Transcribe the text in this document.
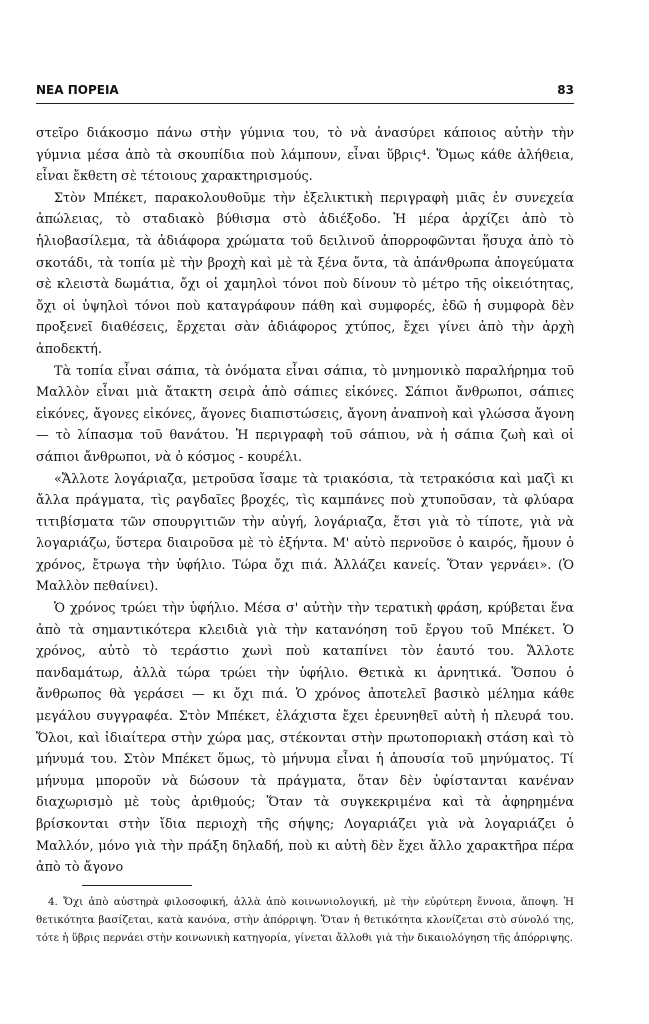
ΝΕΑ ΠΟΡΕΙΑ	83

στεῖρο διάκοσμο πάνω στὴν γύμνια του, τὸ νὰ ἀνασύρει κάποιος αὐτὴν τὴν γύμνια μέσα ἀπὸ τὰ σκουπίδια ποὺ λάμπουν, εἶναι ὕβρις⁴. Ὅμως κάθε ἀλήθεια, εἶναι ἔκθετη σὲ τέτοιους χαρακτηρισμούς.

Στὸν Μπέκετ, παρακολουθοῦμε τὴν ἐξελικτικὴ περιγραφὴ μιᾶς ἐν συνεχεία ἀπώλειας, τὸ σταδιακὸ βύθισμα στὸ ἀδιέξοδο. Ἡ μέρα ἀρχίζει ἀπὸ τὸ ἡλιοβασίλεμα, τὰ ἀδιάφορα χρώματα τοῦ δειλινοῦ ἀπορροφῶνται ἥσυχα ἀπὸ τὸ σκοτάδι, τὰ τοπία μὲ τὴν βροχὴ καὶ μὲ τὰ ξένα ὄντα, τὰ ἀπάνθρωπα ἀπογεύματα σὲ κλειστὰ δωμάτια, ὄχι οἱ χαμηλοὶ τόνοι ποὺ δίνουν τὸ μέτρο τῆς οἰκειότητας, ὄχι οἱ ὑψηλοὶ τόνοι ποὺ καταγράφουν πάθη καὶ συμφορές, ἐδῶ ἡ συμφορὰ δὲν προξενεῖ διαθέσεις, ἔρχεται σὰν ἀδιάφορος χτύπος, ἔχει γίνει ἀπὸ τὴν ἀρχὴ ἀποδεκτή.

Τὰ τοπία εἶναι σάπια, τὰ ὀνόματα εἶναι σάπια, τὸ μνημονικὸ παραλήρημα τοῦ Μαλλὸν εἶναι μιὰ ἄτακτη σειρὰ ἀπὸ σάπιες εἰκόνες. Σάπιοι ἄνθρωποι, σάπιες εἰκόνες, ἄγονες εἰκόνες, ἄγονες διαπιστώσεις, ἄγονη ἀναπνοὴ καὶ γλώσσα ἄγονη — τὸ λίπασμα τοῦ θανάτου. Ἡ περιγραφὴ τοῦ σάπιου, νὰ ἡ σάπια ζωὴ καὶ οἱ σάπιοι ἄνθρωποι, νὰ ὁ κόσμος - κουρέλι.

«Ἄλλοτε λογάριαζα, μετροῦσα ἴσαμε τὰ τριακόσια, τὰ τετρακόσια καὶ μαζὶ κι ἄλλα πράγματα, τὶς ραγδαῖες βροχές, τὶς καμπάνες ποὺ χτυποῦσαν, τὰ φλύαρα τιτιβίσματα τῶν σπουργιτιῶν τὴν αὐγή, λογάριαζα, ἔτσι γιὰ τὸ τίποτε, γιὰ νὰ λογαριάζω, ὕστερα διαιροῦσα μὲ τὸ ἑξήντα. Μ' αὐτὸ περνοῦσε ὁ καιρός, ἤμουν ὁ χρόνος, ἔτρωγα τὴν ὑφήλιο. Τώρα ὄχι πιά. Ἀλλάζει κανείς. Ὅταν γερνάει». (Ὁ Μαλλὸν πεθαίνει).

Ὁ χρόνος τρώει τὴν ὑφήλιο. Μέσα σ' αὐτὴν τὴν τερατικὴ φράση, κρύβεται ἕνα ἀπὸ τὰ σημαντικότερα κλειδιὰ γιὰ τὴν κατανόηση τοῦ ἔργου τοῦ Μπέκετ. Ὁ χρόνος, αὐτὸ τὸ τεράστιο χωνὶ ποὺ καταπίνει τὸν ἑαυτό του. Ἄλλοτε πανδαμάτωρ, ἀλλὰ τώρα τρώει τὴν ὑφήλιο. Θετικὰ κι ἀρνητικά. Ὅσπου ὁ ἄνθρωπος θὰ γεράσει — κι ὄχι πιά. Ὁ χρόνος ἀποτελεῖ βασικὸ μέλημα κάθε μεγάλου συγγραφέα. Στὸν Μπέκετ, ἐλάχιστα ἔχει ἐρευνηθεῖ αὐτὴ ἡ πλευρά του. Ὅλοι, καὶ ἰδιαίτερα στὴν χώρα μας, στέκονται στὴν πρωτοποριακὴ στάση καὶ τὸ μήνυμά του. Στὸν Μπέκετ ὅμως, τὸ μήνυμα εἶναι ἡ ἀπουσία τοῦ μηνύματος. Τί μήνυμα μποροῦν νὰ δώσουν τὰ πράγματα, ὅταν δὲν ὑφίστανται κανέναν διαχωρισμὸ μὲ τοὺς ἀριθμούς; Ὅταν τὰ συγκεκριμένα καὶ τὰ ἀφηρημένα βρίσκονται στὴν ἴδια περιοχὴ τῆς σήψης; Λογαριάζει γιὰ νὰ λογαριάζει ὁ Μαλλόν, μόνο γιὰ τὴν πράξη δηλαδή, ποὺ κι αὐτὴ δὲν ἔχει ἄλλο χαρακτῆρα πέρα ἀπὸ τὸ ἄγονο

4. Ὄχι ἀπὸ αὐστηρὰ φιλοσοφική, ἀλλὰ ἀπὸ κοινωνιολογική, μὲ τὴν εὐρύτερη ἔννοια, ἄποψη. Ἡ θετικότητα βασίζεται, κατὰ κανόνα, στὴν ἀπόρριψη. Ὅταν ἡ θετικότητα κλονίζεται στὸ σύνολό της, τότε ἡ ὕβρις περνάει στὴν κοινωνικὴ κατηγορία, γίνεται ἄλλοθι γιὰ τὴν δικαιολόγηση τῆς ἀπόρριψης.
